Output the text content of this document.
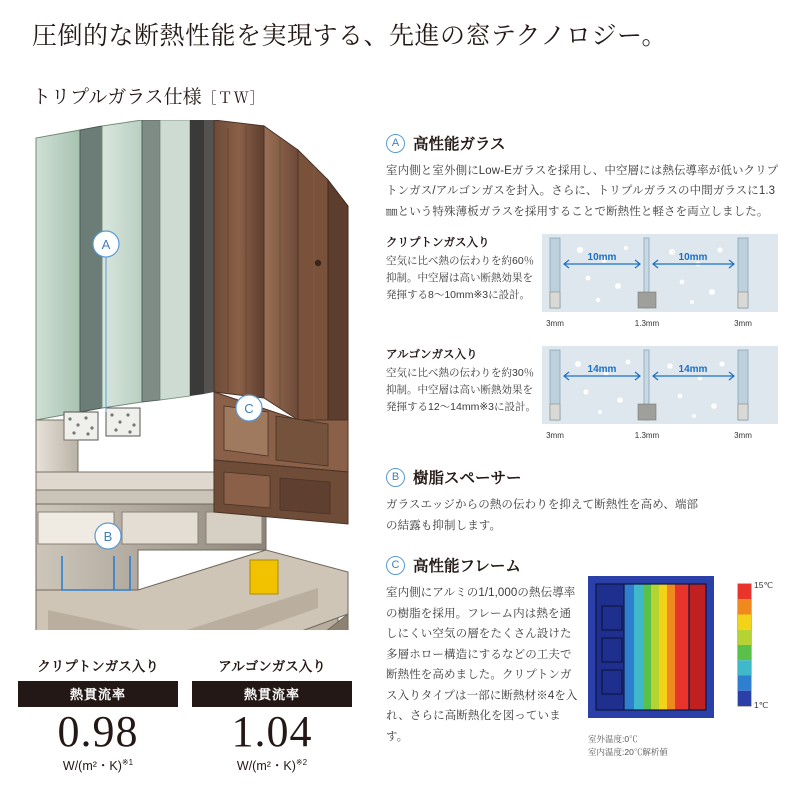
圧倒的な断熱性能を実現する、先進の窓テクノロジー。
トリプルガラス仕様［ＴＷ］
A
B
C
クリプトンガス入り
熱貫流率
0.98
W/(m²・K)$^{※1}$
アルゴンガス入り
熱貫流率
1.04
W/(m²・K)$^{※2}$
A 高性能ガラス
室内側と室外側にLow-Eガラスを採用し、中空層には熱伝導率が低いクリプトンガス/アルゴンガスを封入。さらに、トリプルガラスの中間ガラスに1.3㎜という特殊薄板ガラスを採用することで断熱性と軽さを両立しました。
クリプトンガス入り
空気に比べ熱の伝わりを約60％抑制。中空層は高い断熱効果を発揮する8〜10mm※3に設計。
10mm	10mm
3mm	1.3mm	3mm
アルゴンガス入り
空気に比べ熱の伝わりを約30％抑制。中空層は高い断熱効果を発揮する12〜14mm※3に設計。
14mm	14mm
3mm	1.3mm	3mm
B 樹脂スペーサー
ガラスエッジからの熱の伝わりを抑えて断熱性を高め、端部の結露も抑制します。
C 高性能フレーム
室内側にアルミの1/1,000の熱伝導率の樹脂を採用。フレーム内は熱を通しにくい空気の層をたくさん設けた多層ホロー構造にするなどの工夫で断熱性を高めました。クリプトンガス入りタイプは一部に断熱材※4を入れ、さらに高断熱化を図っています。
15℃
1℃
室外温度:0℃
室内温度:20℃解析値
